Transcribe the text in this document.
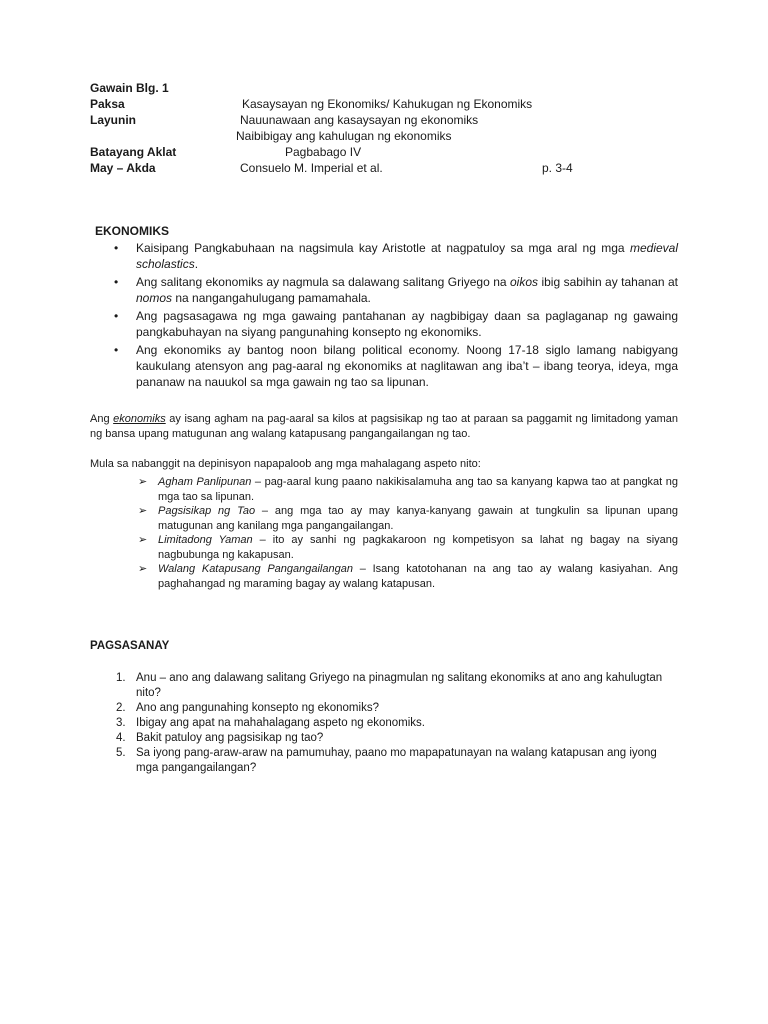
Gawain Blg. 1
Paksa	Kasaysayan ng Ekonomiks/ Kahukugan ng Ekonomiks
Layunin	Nauunawaan ang kasaysayan ng ekonomiks
Naibibigay ang kahulugan ng ekonomiks
Batayang Aklat	Pagbabago IV
May – Akda	Consuelo M. Imperial et al.	p. 3-4
EKONOMIKS
• Kaisipang Pangkabuhaan na nagsimula kay Aristotle at nagpatuloy sa mga aral ng mga medieval scholastics.
• Ang salitang ekonomiks ay nagmula sa dalawang salitang Griyego na oikos ibig sabihin ay tahanan at nomos na nangangahulugang pamamahala.
• Ang pagsasagawa ng mga gawaing pantahanan ay nagbibigay daan sa paglaganap ng gawaing pangkabuhayan na siyang pangunahing konsepto ng ekonomiks.
• Ang ekonomiks ay bantog noon bilang political economy. Noong 17-18 siglo lamang nabigyang kaukulang atensyon ang pag-aaral ng ekonomiks at naglitawan ang iba’t – ibang teorya, ideya, mga pananaw na nauukol sa mga gawain ng tao sa lipunan.

Ang ekonomiks ay isang agham na pag-aaral sa kilos at pagsisikap ng tao at paraan sa paggamit ng limitadong yaman ng bansa upang matugunan ang walang katapusang pangangailangan ng tao.

Mula sa nabanggit na depinisyon napapaloob ang mga mahalagang aspeto nito:

➢ Agham Panlipunan – pag-aaral kung paano nakikisalamuha ang tao sa kanyang kapwa tao at pangkat ng mga tao sa lipunan.
➢ Pagsisikap ng Tao – ang mga tao ay may kanya-kanyang gawain at tungkulin sa lipunan upang matugunan ang kanilang mga pangangailangan.
➢ Limitadong Yaman – ito ay sanhi ng pagkakaroon ng kompetisyon sa lahat ng bagay na siyang nagbubunga ng kakapusan.
➢ Walang Katapusang Pangangailangan – Isang katotohanan na ang tao ay walang kasiyahan. Ang paghahangad ng maraming bagay ay walang katapusan.
PAGSASANAY
1. Anu – ano ang dalawang salitang Griyego na pinagmulan ng salitang ekonomiks at ano ang kahulugtan nito?
2. Ano ang pangunahing konsepto ng ekonomiks?
3. Ibigay ang apat na mahahalagang aspeto ng ekonomiks.
4. Bakit patuloy ang pagsisikap ng tao?
5. Sa iyong pang-araw-araw na pamumuhay, paano mo mapapatunayan na walang katapusan ang iyong mga pangangailangan?
